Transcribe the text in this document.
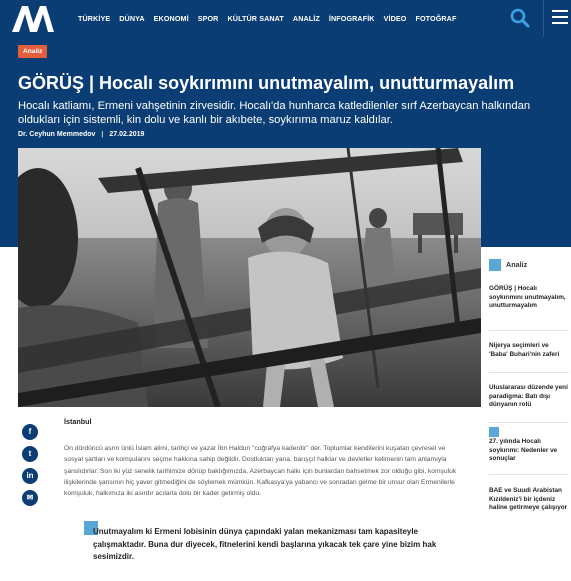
TÜRKİYE DÜNYA EKONOMİ SPOR KÜLTÜR SANAT ANALİZ İNFOGRAFİK VİDEO FOTOĞRAF
Analiz
GÖRÜŞ | Hocalı soykırımını unutmayalım, unutturmayalım
Hocalı katliamı, Ermeni vahşetinin zirvesidir. Hocalı'da hunharca katledilenler sırf Azerbaycan halkından oldukları için sistemli, kin dolu ve kanlı bir akıbete, soykırıma maruz kaldılar.
Dr. Ceyhun Memmedov | 27.02.2019
f
t
in
✉
İstanbul
On dördüncü asrın ünlü İslam alimi, tarihçi ve yazar İbn Haldun "coğrafya kaderdir" der. Toplumlar kendilerini kuşatan çevresel ve sosyal şartları ve komşularını seçme hakkına sahip değildir. Dostluktan yana, barışçıl halklar ve devletler kelimenin tam anlamıyla şanslıdırlar. Son iki yüz senelik tarihimize dönüp baktığımızda, Azerbaycan halkı için bunlardan bahsetmek zor olduğu gibi, komşuluk ilişkilerinde şansının hiç yaver gitmediğini de söylemek mümkün. Kafkasya'ya yabancı ve sonradan gelme bir unsur olan Ermenilerle komşuluk, halkımıza iki asırdır acılarla dolu bir kader getirmiş oldu.
Unutmayalım ki Ermeni lobisinin dünya çapındaki yalan mekanizması tam kapasiteyle çalışmaktadır. Buna dur diyecek, fitnelerini kendi başlarına yıkacak tek çare yine bizim hak sesimizdir.
Analiz
GÖRÜŞ | Hocalı soykırımını unutmayalım, unutturmayalım
Nijerya seçimleri ve 'Baba' Buhari'nin zaferi
Uluslararası düzende yeni paradigma: Batı dışı dünyanın rolü
27. yılında Hocalı soykırımı: Nedenler ve sonuçlar
BAE ve Suudi Arabistan Kızıldeniz'i bir içdeniz haline getirmeye çalışıyor
